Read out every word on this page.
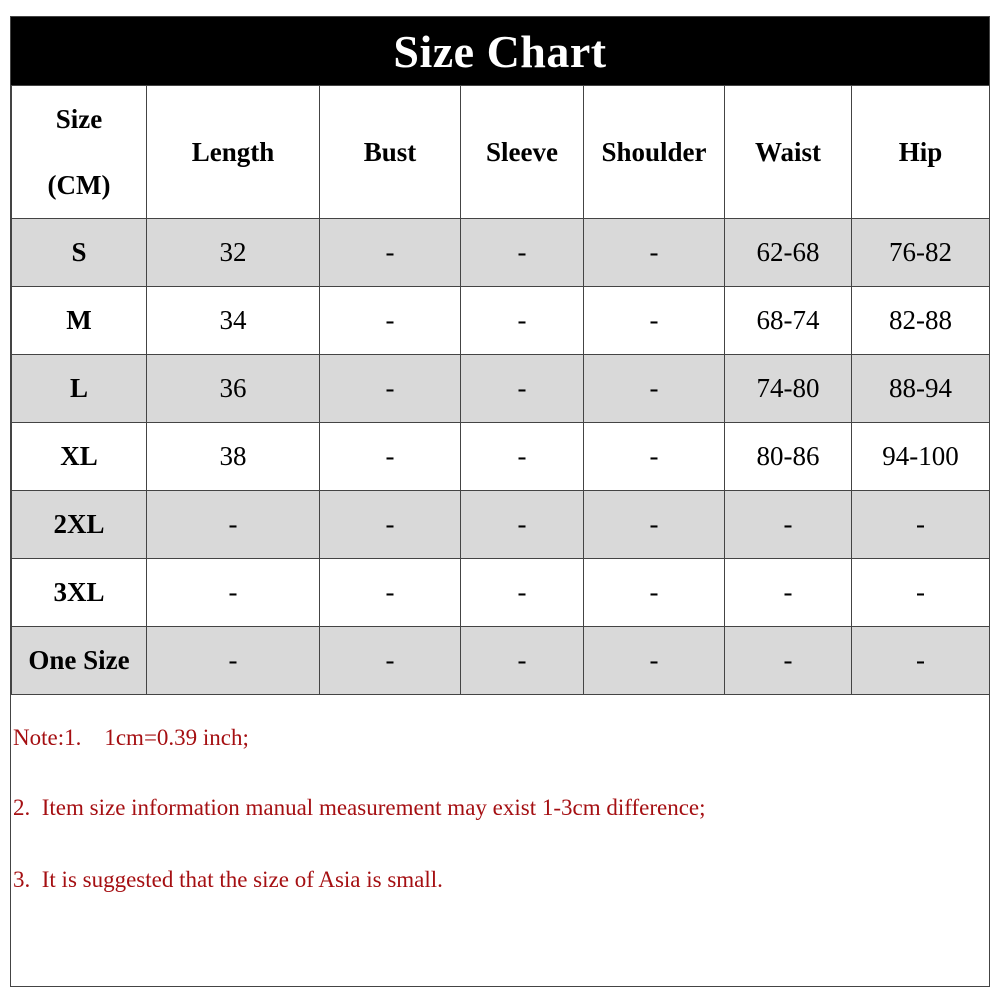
Size Chart
Size
(CM)	Length	Bust	Sleeve	Shoulder	Waist	Hip
S	32	-	-	-	62-68	76-82
M	34	-	-	-	68-74	82-88
L	36	-	-	-	74-80	88-94
XL	38	-	-	-	80-86	94-100
2XL	-	-	-	-	-	-
3XL	-	-	-	-	-	-
One Size	-	-	-	-	-	-
Note:1.    1cm=0.39 inch;
2.  Item size information manual measurement may exist 1-3cm difference;
3.  It is suggested that the size of Asia is small.
